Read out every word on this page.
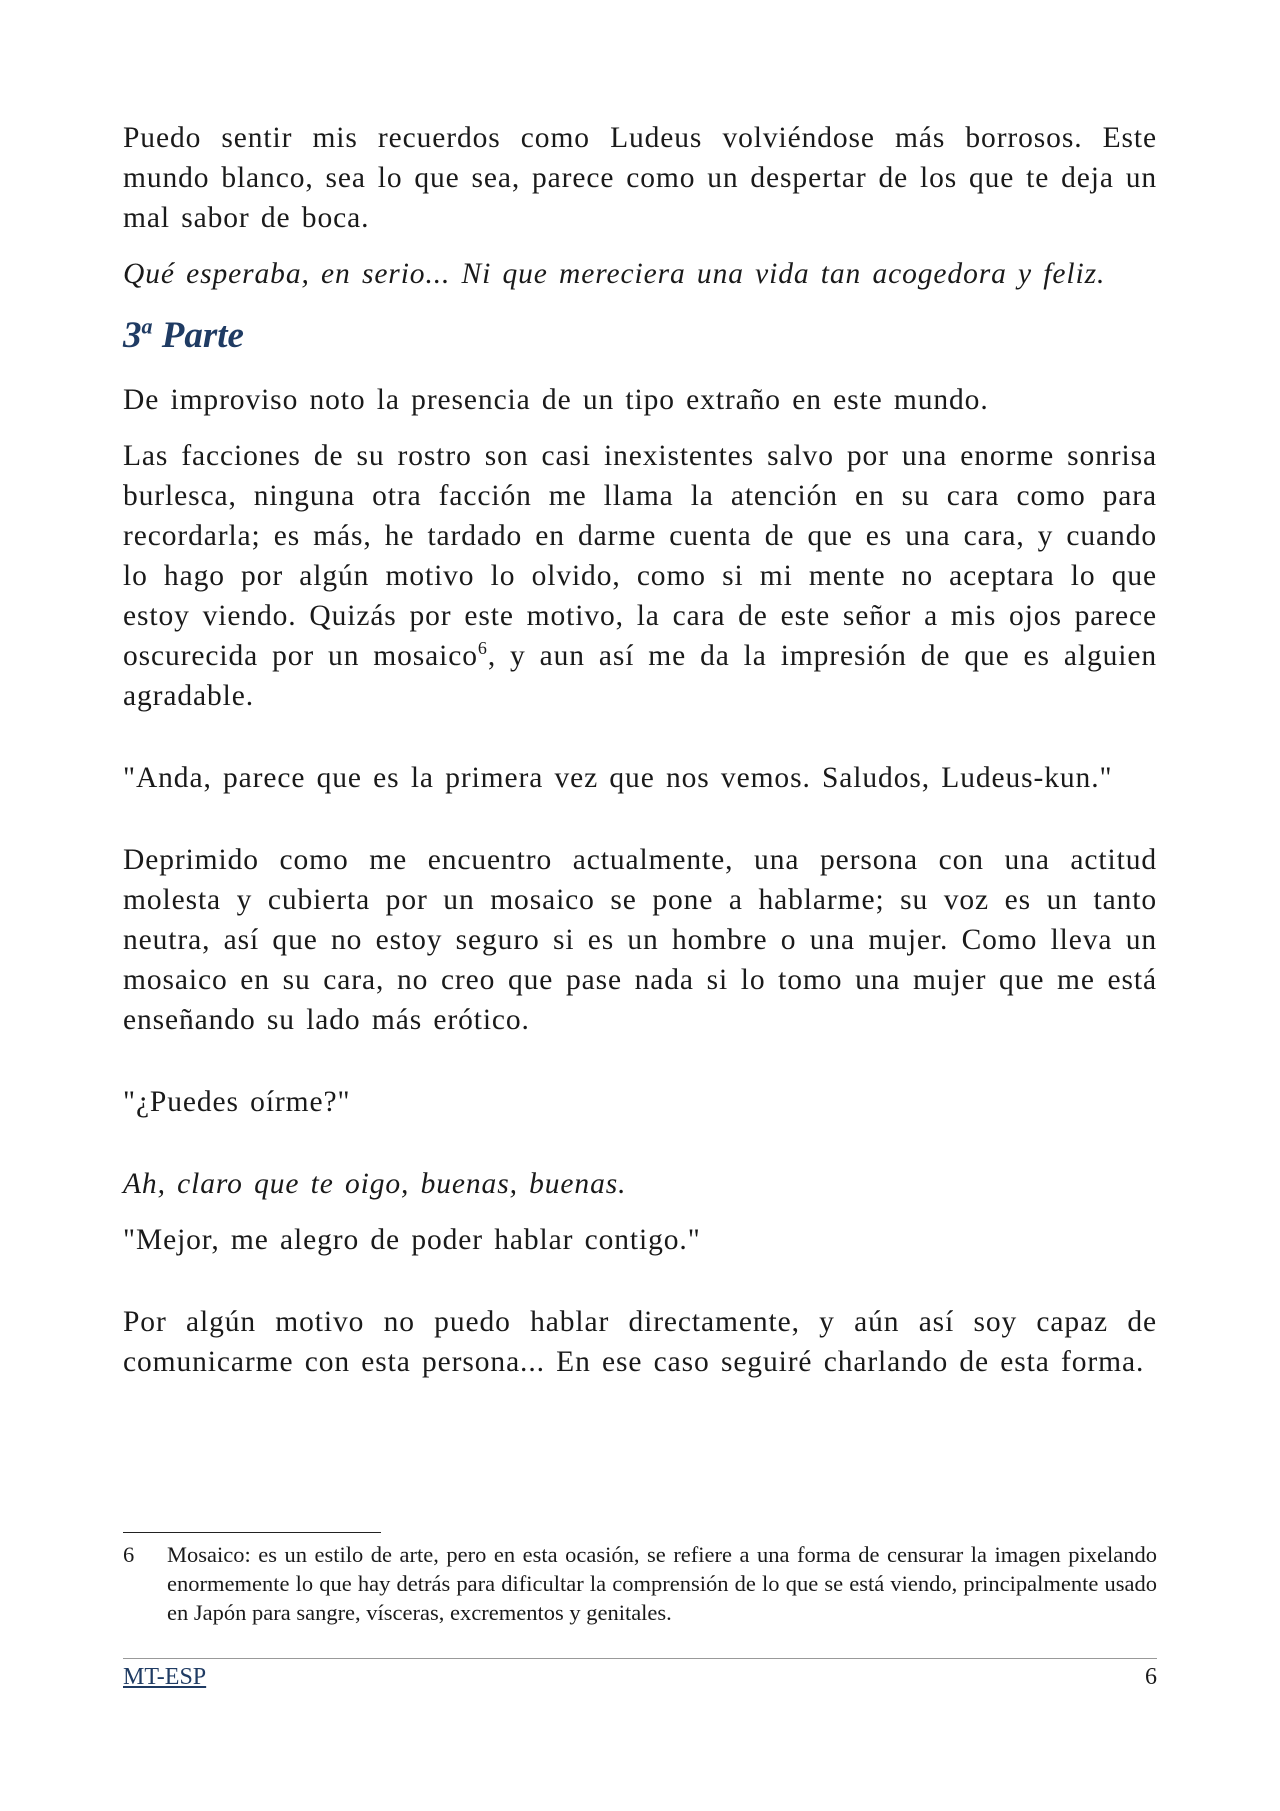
Puedo sentir mis recuerdos como Ludeus volviéndose más borrosos. Este mundo blanco, sea lo que sea, parece como un despertar de los que te deja un mal sabor de boca.

Qué esperaba, en serio... Ni que mereciera una vida tan acogedora y feliz.

3$^a$ Parte

De improviso noto la presencia de un tipo extraño en este mundo.

Las facciones de su rostro son casi inexistentes salvo por una enorme sonrisa burlesca, ninguna otra facción me llama la atención en su cara como para recordarla; es más, he tardado en darme cuenta de que es una cara, y cuando lo hago por algún motivo lo olvido, como si mi mente no aceptara lo que estoy viendo. Quizás por este motivo, la cara de este señor a mis ojos parece oscurecida por un mosaico$^6$, y aun así me da la impresión de que es alguien agradable.

"Anda, parece que es la primera vez que nos vemos. Saludos, Ludeus-kun."

Deprimido como me encuentro actualmente, una persona con una actitud molesta y cubierta por un mosaico se pone a hablarme; su voz es un tanto neutra, así que no estoy seguro si es un hombre o una mujer. Como lleva un mosaico en su cara, no creo que pase nada si lo tomo una mujer que me está enseñando su lado más erótico.

"¿Puedes oírme?"

Ah, claro que te oigo, buenas, buenas.

"Mejor, me alegro de poder hablar contigo."

Por algún motivo no puedo hablar directamente, y aún así soy capaz de comunicarme con esta persona... En ese caso seguiré charlando de esta forma.

6	Mosaico: es un estilo de arte, pero en esta ocasión, se refiere a una forma de censurar la imagen pixelando enormemente lo que hay detrás para dificultar la comprensión de lo que se está viendo, principalmente usado en Japón para sangre, vísceras, excrementos y genitales.
MT-ESP	6
